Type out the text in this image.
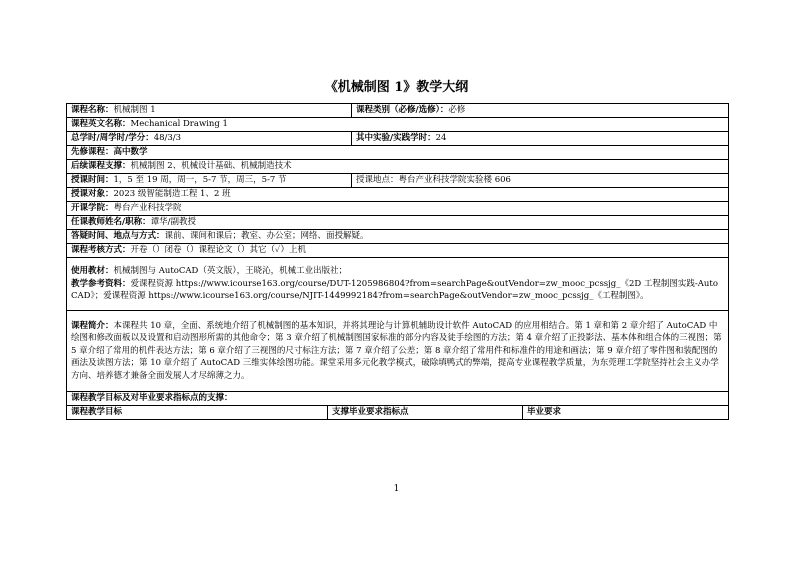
《机械制图 1》教学大纲
课程名称：机械制图 1		课程类别（必修/选修）：必修	
课程英文名称：Mechanical Drawing 1			
总学时/周学时/学分：48/3/3		其中实验/实践学时：24	
先修课程：高中数学			
后续课程支撑：机械制图 2、机械设计基础、机械制造技术			
授课时间：1，5 至 19 周，周一，5-7 节，周三，5-7 节		授课地点：粤台产业科技学院实验楼 606	
授课对象：2023 级智能制造工程 1、2 班			
开课学院：粤台产业科技学院			
任课教师姓名/职称：谭华/副教授			
答疑时间、地点与方式：课前、课间和课后；教室、办公室；网络、面授解疑。			
课程考核方式：开卷（）闭卷（）课程论文（）其它（✓）上机			

使用教材：机械制图与 AutoCAD（英文版），王晓沁，机械工业出版社；
教学参考资料：爱课程资源 https://www.icourse163.org/course/DUT-1205986804?from=searchPage&outVendor=zw_mooc_pcssjg_《2D 工程制图实践-AutoCAD》；爱课程资源 https://www.icourse163.org/course/NJIT-1449992184?from=searchPage&outVendor=zw_mooc_pcssjg_《工程制图》。			

课程简介：本课程共 10 章，全面、系统地介绍了机械制图的基本知识，并将其理论与计算机辅助设计软件 AutoCAD 的应用相结合。第 1 章和第 2 章介绍了 AutoCAD 中绘图和修改面板以及设置和启动图形所需的其他命令；第 3 章介绍了机械制图国家标准的部分内容及徒手绘图的方法；第 4 章介绍了正投影法、基本体和组合体的三视图；第 5 章介绍了常用的机件表达方法；第 6 章介绍了三视图的尺寸标注方法；第 7 章介绍了公差；第 8 章介绍了常用件和标准件的用途和画法；第 9 章介绍了零件图和装配图的画法及读图方法；第 10 章介绍了 AutoCAD 三维实体绘图功能。课堂采用多元化教学模式，破除填鸭式的弊端，提高专业课程教学质量，为东莞理工学院坚持社会主义办学方向、培养德才兼备全面发展人才尽绵薄之力。			
课程教学目标及对毕业要求指标点的支撑：			
课程教学目标	支撑毕业要求指标点		毕业要求
1
